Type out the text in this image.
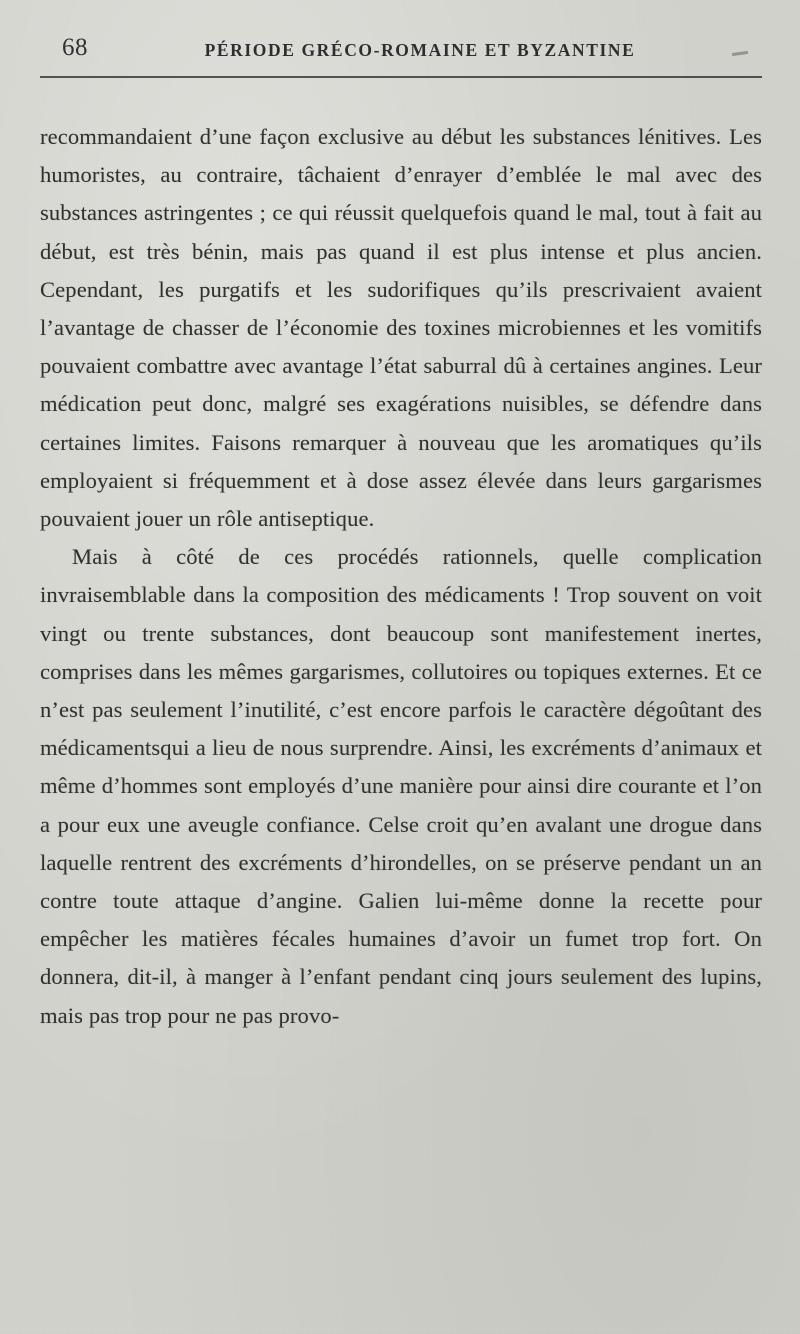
68	PÉRIODE GRÉCO-ROMAINE ET BYZANTINE

recommandaient d’une façon exclusive au début les substances lénitives. Les humoristes, au contraire, tâchaient d’enrayer d’emblée le mal avec des substances astringentes ; ce qui réussit quelquefois quand le mal, tout à fait au début, est très bénin, mais pas quand il est plus intense et plus ancien. Cependant, les purgatifs et les sudorifiques qu’ils prescrivaient avaient l’avantage de chasser de l’économie des toxines microbiennes et les vomitifs pouvaient combattre avec avantage l’état saburral dû à certaines angines. Leur médication peut donc, malgré ses exagérations nuisibles, se défendre dans certaines limites. Faisons remarquer à nouveau que les aromatiques qu’ils employaient si fréquemment et à dose assez élevée dans leurs gargarismes pouvaient jouer un rôle antiseptique.

Mais à côté de ces procédés rationnels, quelle complication invraisemblable dans la composition des médicaments ! Trop souvent on voit vingt ou trente substances, dont beaucoup sont manifestement inertes, comprises dans les mêmes gargarismes, collutoires ou topiques externes. Et ce n’est pas seulement l’inutilité, c’est encore parfois le caractère dégoûtant des médicamentsqui a lieu de nous surprendre. Ainsi, les excréments d’animaux et même d’hommes sont employés d’une manière pour ainsi dire courante et l’on a pour eux une aveugle confiance. Celse croit qu’en avalant une drogue dans laquelle rentrent des excréments d’hirondelles, on se préserve pendant un an contre toute attaque d’angine. Galien lui-même donne la recette pour empêcher les matières fécales humaines d’avoir un fumet trop fort. On donnera, dit-il, à manger à l’enfant pendant cinq jours seulement des lupins, mais pas trop pour ne pas provo-
